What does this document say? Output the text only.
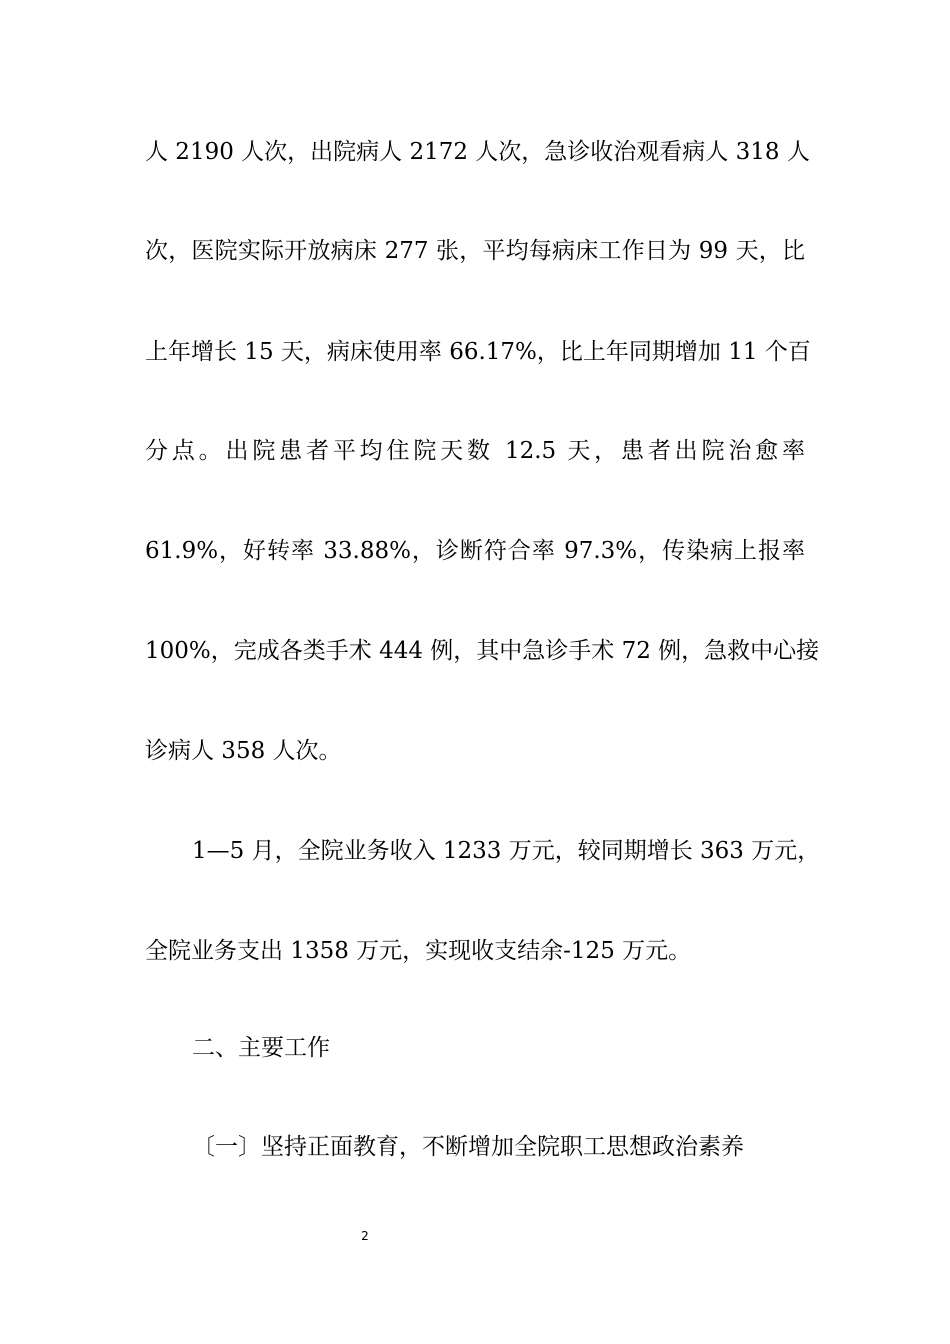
人 2190 人次，出院病人 2172 人次，急诊收治观看病人 318 人
次，医院实际开放病床 277 张，平均每病床工作日为 99 天，比
上年增长 15 天，病床使用率 66.17%，比上年同期增加 11 个百
分点。出院患者平均住院天数 12.5 天，患者出院治愈率
61.9%，好转率 33.88%，诊断符合率 97.3%，传染病上报率
100%，完成各类手术 444 例，其中急诊手术 72 例，急救中心接
诊病人 358 人次。
1—5 月，全院业务收入 1233 万元，较同期增长 363 万元，
全院业务支出 1358 万元，实现收支结余-125 万元。
二、主要工作
〔一〕坚持正面教育，不断增加全院职工思想政治素养
2
